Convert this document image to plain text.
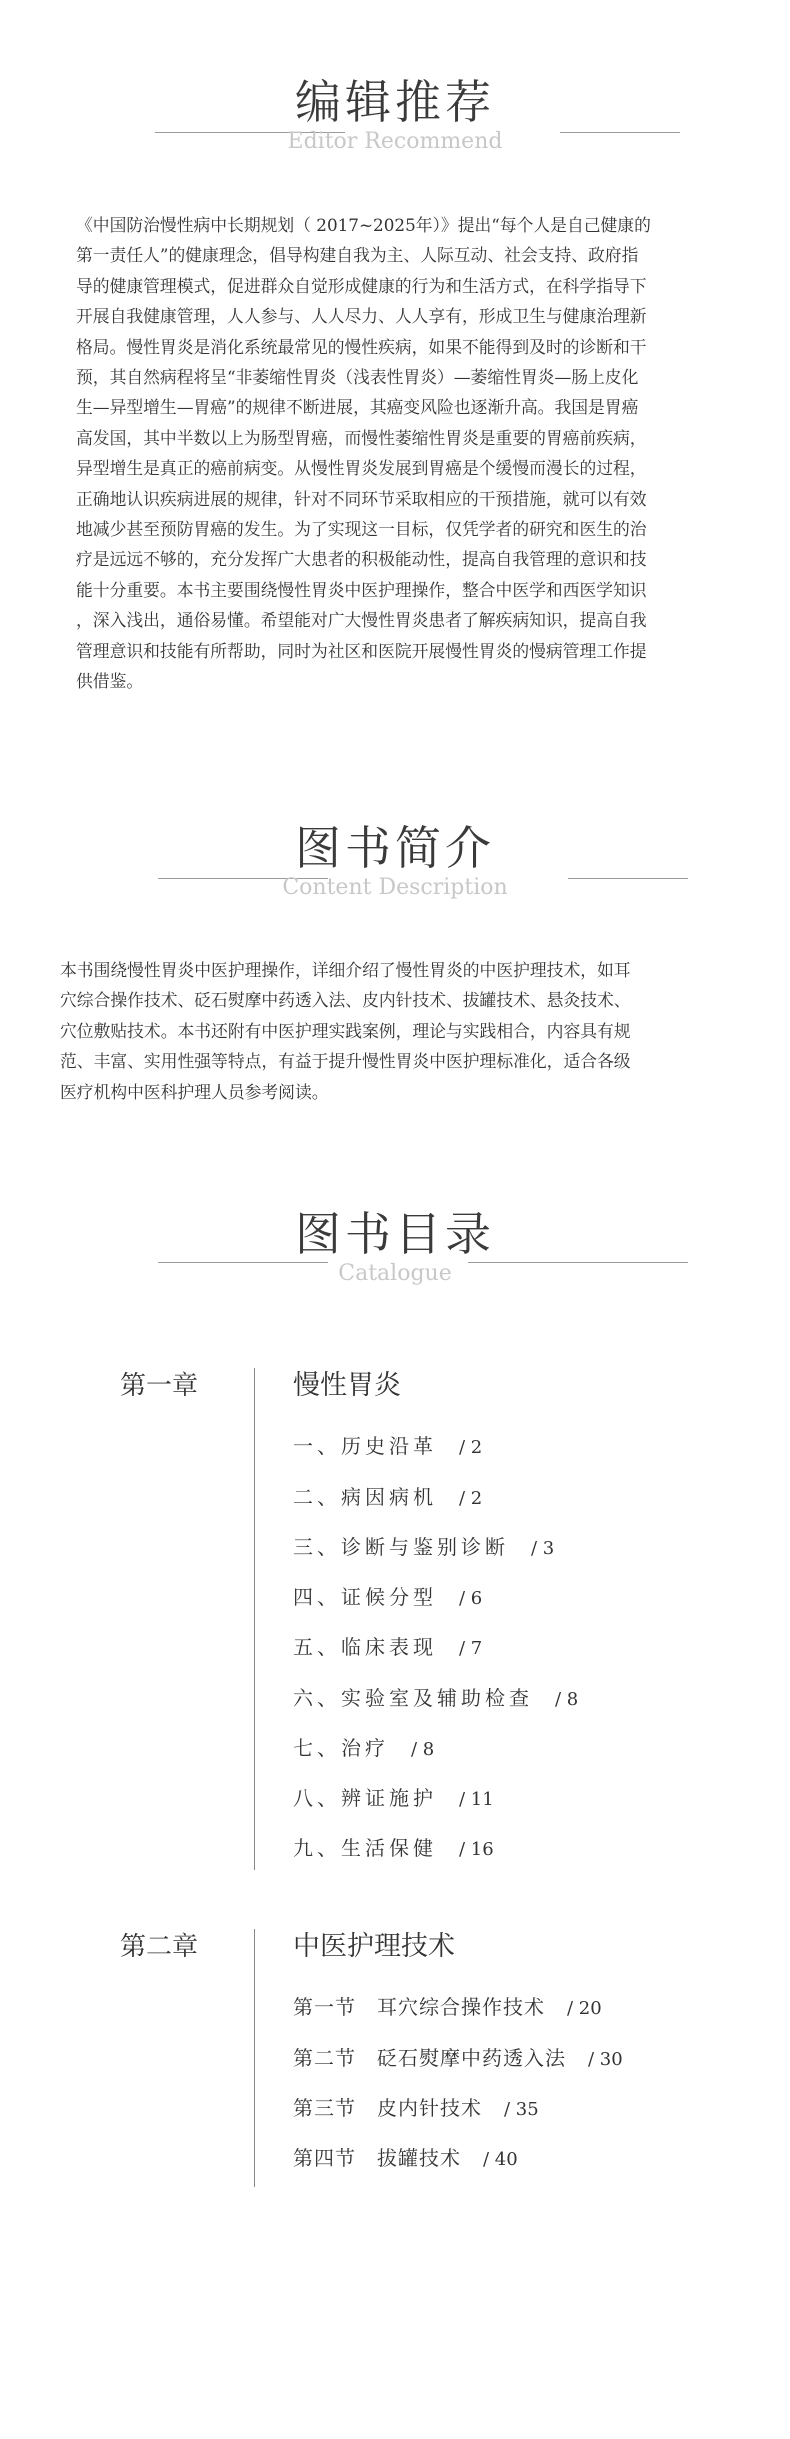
编辑推荐
Editor Recommend
《中国防治慢性病中长期规划（ 2017~2025年）》提出“每个人是自己健康的
第一责任人”的健康理念，倡导构建自我为主、人际互动、社会支持、政府指
导的健康管理模式，促进群众自觉形成健康的行为和生活方式，在科学指导下
开展自我健康管理，人人参与、人人尽力、人人享有，形成卫生与健康治理新
格局。慢性胃炎是消化系统最常见的慢性疾病，如果不能得到及时的诊断和干
预，其自然病程将呈“非萎缩性胃炎（浅表性胃炎）—萎缩性胃炎—肠上皮化
生—异型增生—胃癌”的规律不断进展，其癌变风险也逐渐升高。我国是胃癌
高发国，其中半数以上为肠型胃癌，而慢性萎缩性胃炎是重要的胃癌前疾病，
异型增生是真正的癌前病变。从慢性胃炎发展到胃癌是个缓慢而漫长的过程，
正确地认识疾病进展的规律，针对不同环节采取相应的干预措施，就可以有效
地减少甚至预防胃癌的发生。为了实现这一目标，仅凭学者的研究和医生的治
疗是远远不够的，充分发挥广大患者的积极能动性，提高自我管理的意识和技
能十分重要。本书主要围绕慢性胃炎中医护理操作，整合中医学和西医学知识
，深入浅出，通俗易懂。希望能对广大慢性胃炎患者了解疾病知识，提高自我
管理意识和技能有所帮助，同时为社区和医院开展慢性胃炎的慢病管理工作提
供借鉴。
图书简介
Content Description
本书围绕慢性胃炎中医护理操作，详细介绍了慢性胃炎的中医护理技术，如耳
穴综合操作技术、砭石熨摩中药透入法、皮内针技术、拔罐技术、悬灸技术、
穴位敷贴技术。本书还附有中医护理实践案例，理论与实践相合，内容具有规
范、丰富、实用性强等特点，有益于提升慢性胃炎中医护理标准化，适合各级
医疗机构中医科护理人员参考阅读。
图书目录
Catalogue
第一章	慢性胃炎
一、历史沿革 / 2
二、病因病机 / 2
三、诊断与鉴别诊断 / 3
四、证候分型 / 6
五、临床表现 / 7
六、实验室及辅助检查 / 8
七、治疗 / 8
八、辨证施护 / 11
九、生活保健 / 16
第二章	中医护理技术
第一节　耳穴综合操作技术 / 20
第二节　砭石熨摩中药透入法 / 30
第三节　皮内针技术 / 35
第四节　拔罐技术 / 40
